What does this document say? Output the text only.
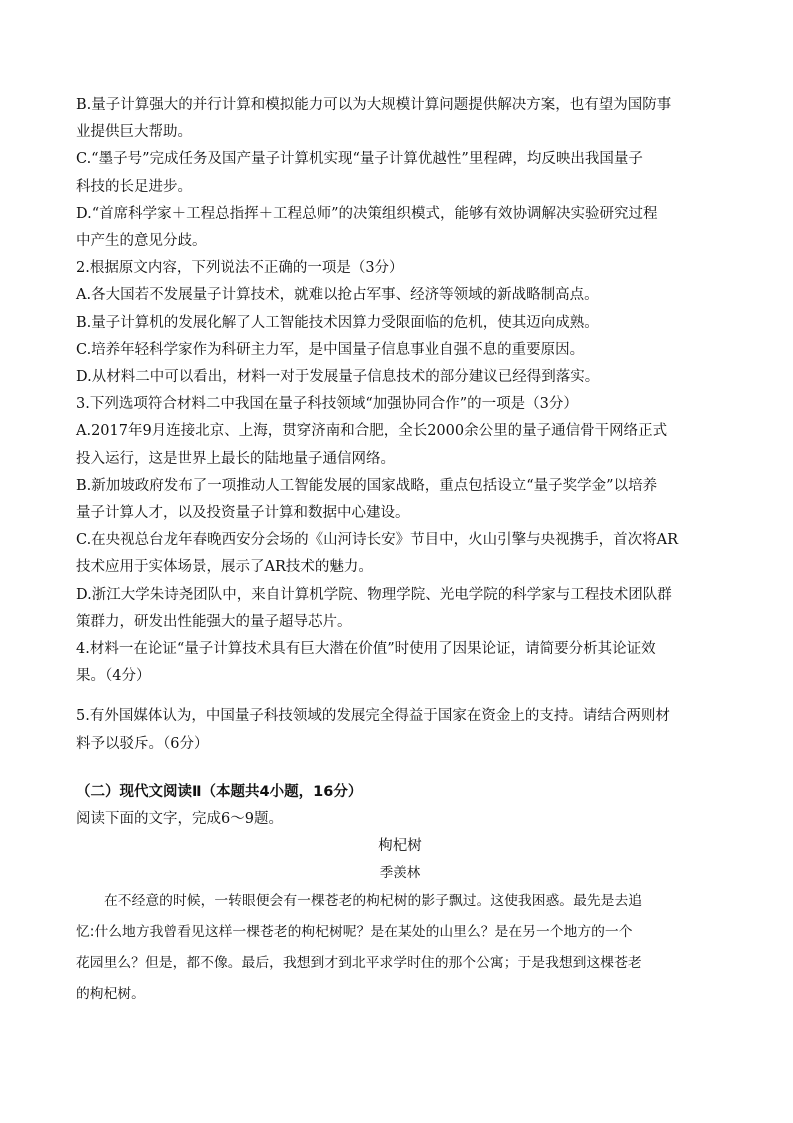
B.量子计算强大的并行计算和模拟能力可以为大规模计算问题提供解决方案，也有望为国防事
业提供巨大帮助。
C.“墨子号”完成任务及国产量子计算机实现“量子计算优越性”里程碑，均反映出我国量子
科技的长足进步。
D.“首席科学家＋工程总指挥＋工程总师”的决策组织模式，能够有效协调解决实验研究过程
中产生的意见分歧。
2.根据原文内容，下列说法不正确的一项是（3分）
A.各大国若不发展量子计算技术，就难以抢占军事、经济等领域的新战略制高点。
B.量子计算机的发展化解了人工智能技术因算力受限面临的危机，使其迈向成熟。
C.培养年轻科学家作为科研主力军，是中国量子信息事业自强不息的重要原因。
D.从材料二中可以看出，材料一对于发展量子信息技术的部分建议已经得到落实。
3.下列选项符合材料二中我国在量子科技领域“加强协同合作”的一项是（3分）
A.2017年9月连接北京、上海，贯穿济南和合肥，全长2000余公里的量子通信骨干网络正式
投入运行，这是世界上最长的陆地量子通信网络。
B.新加坡政府发布了一项推动人工智能发展的国家战略，重点包括设立“量子奖学金”以培养
量子计算人才，以及投资量子计算和数据中心建设。
C.在央视总台龙年春晚西安分会场的《山河诗长安》节目中，火山引擎与央视携手，首次将AR
技术应用于实体场景，展示了AR技术的魅力。
D.浙江大学朱诗尧团队中，来自计算机学院、物理学院、光电学院的科学家与工程技术团队群
策群力，研发出性能强大的量子超导芯片。
4.材料一在论证“量子计算技术具有巨大潜在价值”时使用了因果论证，请简要分析其论证效
果。（4分）
5.有外国媒体认为，中国量子科技领域的发展完全得益于国家在资金上的支持。请结合两则材
料予以驳斥。（6分）
（二）现代文阅读Ⅱ（本题共4小题，16分）
阅读下面的文字，完成6～9题。
枸杞树
季羡林
在不经意的时候，一转眼便会有一棵苍老的枸杞树的影子飘过。这使我困惑。最先是去追
忆:什么地方我曾看见这样一棵苍老的枸杞树呢？是在某处的山里么？是在另一个地方的一个
花园里么？但是，都不像。最后，我想到才到北平求学时住的那个公寓；于是我想到这棵苍老
的枸杞树。
